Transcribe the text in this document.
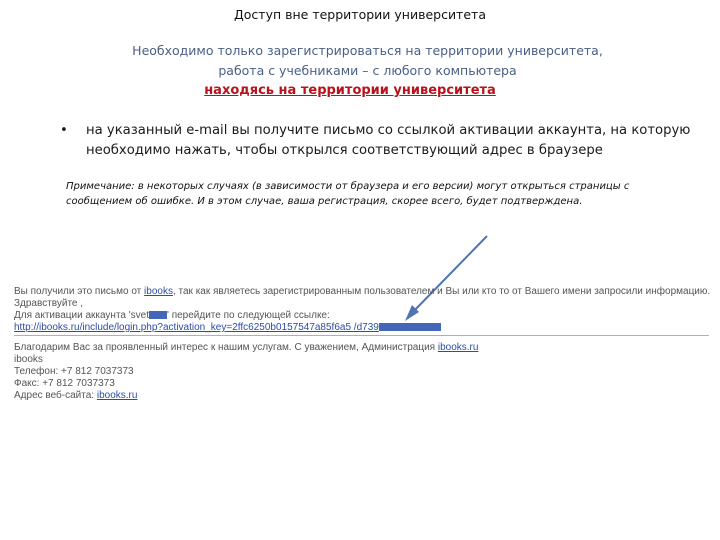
Доступ вне территории университета
Необходимо только зарегистрироваться на территории университета,
работа с учебниками – с любого компьютера
находясь на территории университета
• на указанный e-mail вы получите письмо со ссылкой активации аккаунта, на которую
необходимо нажать, чтобы открылся соответствующий адрес в браузере
Примечание: в некоторых случаях (в зависимости от браузера и его версии) могут открыться страницы с
сообщением об ошибке. И в этом случае, ваша регистрация, скорее всего, будет подтверждена.
Вы получили это письмо от ibooks, так как являетесь зарегистрированным пользователем и Вы или кто то от Вашего имени запросили информацию.
Здравствуйте ,
Для активации аккаунта 'svet ' перейдите по следующей ссылке:
http://ibooks.ru/include/login.php?activation_key=2ffc6250b0157547a85f6a5 /d739
Благодарим Вас за проявленный интерес к нашим услугам. С уважением, Администрация ibooks.ru
ibooks
Телефон: +7 812 7037373
Факс: +7 812 7037373
Адрес веб-сайта: ibooks.ru
